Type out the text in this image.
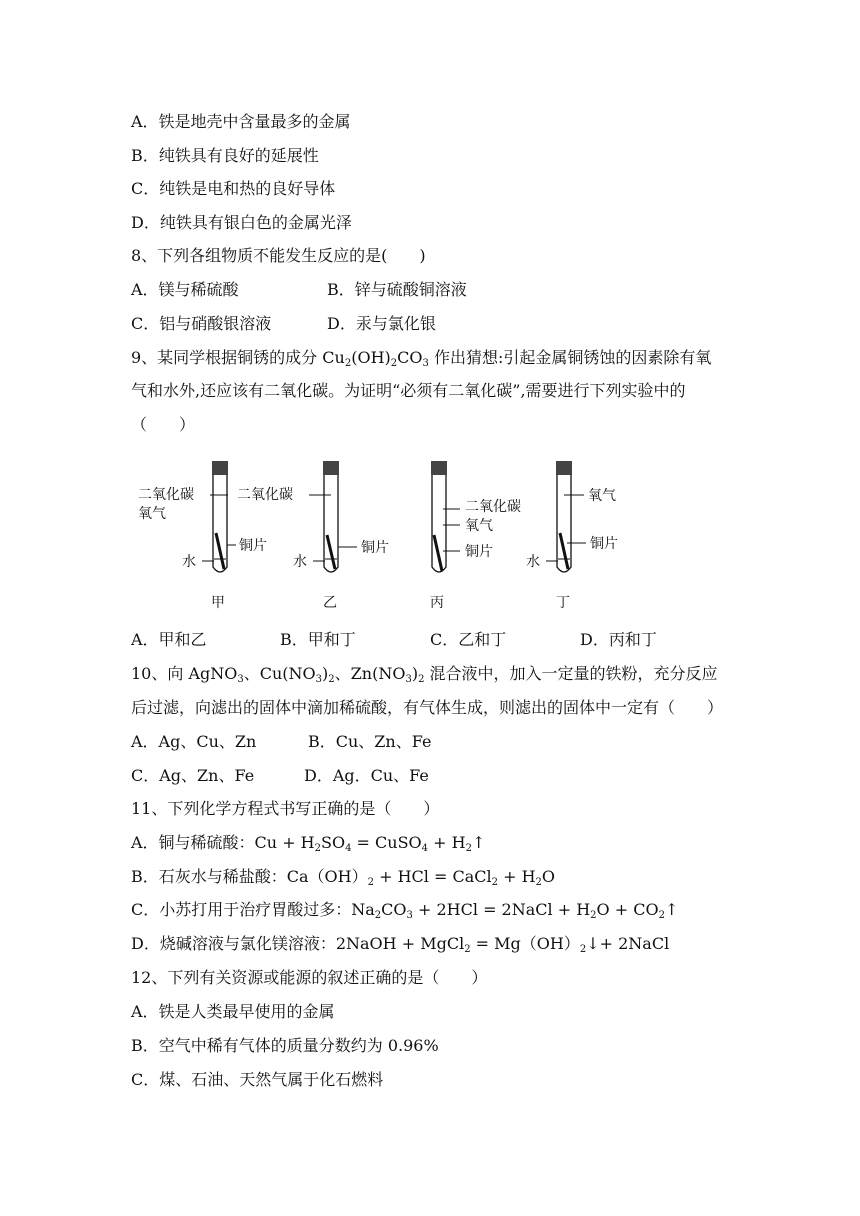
A．铁是地壳中含量最多的金属
B．纯铁具有良好的延展性
C．纯铁是电和热的良好导体
D．纯铁具有银白色的金属光泽
8、下列各组物质不能发生反应的是(　　)
A．镁与稀硫酸	B．锌与硫酸铜溶液
C．铝与硝酸银溶液	D．汞与氯化银
9、某同学根据铜锈的成分 $Cu_2(OH)_2CO_3$ 作出猜想:引起金属铜锈蚀的因素除有氧
气和水外,还应该有二氧化碳。为证明“必须有二氧化碳”,需要进行下列实验中的
（　　）
二氧化碳
氧气
铜片
水
甲
二氧化碳
铜片
水
乙
二氧化碳
氧气
铜片
丙
氧气
铜片
水
丁
A．甲和乙	B．甲和丁	C．乙和丁	D．丙和丁
10、向 AgNO$_3$、$Cu(NO_3)_2$、$Zn(NO_3)_2$ 混合液中，加入一定量的铁粉，充分反应
后过滤，向滤出的固体中滴加稀硫酸，有气体生成，则滤出的固体中一定有（　　）
A．Ag、Cu、Zn	B．Cu、Zn、Fe
C．Ag、Zn、Fe	D．Ag．Cu、Fe
11、下列化学方程式书写正确的是（　　）
A．铜与稀硫酸：$Cu + H_2SO_4$ = CuSO$_4$ + $H_2↑$
B．石灰水与稀盐酸：$Ca(OH)_2$ + HCl = CaCl$_2$ + $H_2O$
C．小苏打用于治疗胃酸过多：$Na_2CO_3 + 2HCl$ = 2NaCl + $H_2O$ + $CO_2↑$
D．烧碱溶液与氯化镁溶液：2NaOH + MgCl$_2$ = $Mg(OH)_2↓+$ 2NaCl
12、下列有关资源或能源的叙述正确的是（　　）
A．铁是人类最早使用的金属
B．空气中稀有气体的质量分数约为 0.96%
C．煤、石油、天然气属于化石燃料
